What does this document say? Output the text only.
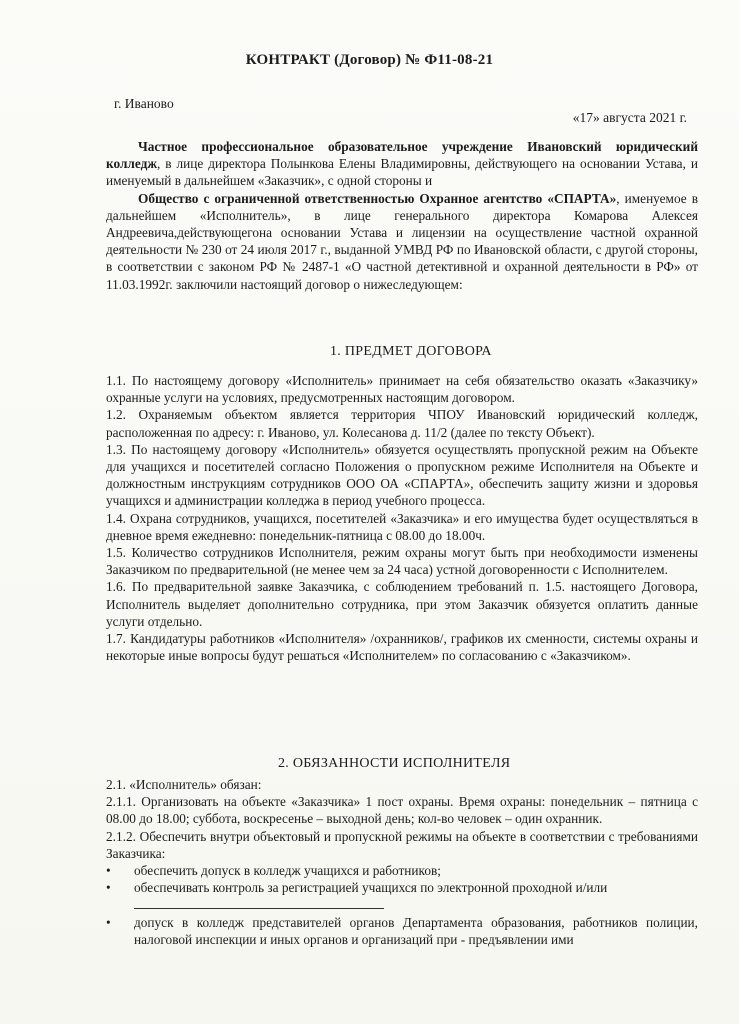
КОНТРАКТ (Договор) № Ф11-08-21
г. Иваново
«17» августа 2021 г.

Частное профессиональное образовательное учреждение Ивановский юридический колледж, в лице директора Полынкова Елены Владимировны, действующего на основании Устава, и именуемый в дальнейшем «Заказчик», с одной стороны и

Общество с ограниченной ответственностью Охранное агентство «СПАРТА», именуемое в дальнейшем «Исполнитель», в лице генерального директора Комарова Алексея Андреевича,действующегона основании Устава и лицензии на осуществление частной охранной деятельности № 230 от 24 июля 2017 г., выданной УМВД РФ по Ивановской области, с другой стороны, в соответствии с законом РФ № 2487-1 «О частной детективной и охранной деятельности в РФ» от 11.03.1992г. заключили настоящий договор о нижеследующем:

1. ПРЕДМЕТ ДОГОВОРА

1.1. По настоящему договору «Исполнитель» принимает на себя обязательство оказать «Заказчику» охранные услуги на условиях, предусмотренных настоящим договором.

1.2. Охраняемым объектом является территория ЧПОУ Ивановский юридический колледж, расположенная по адресу: г. Иваново, ул. Колесанова д. 11/2 (далее по тексту Объект).

1.3. По настоящему договору «Исполнитель» обязуется осуществлять пропускной режим на Объекте для учащихся и посетителей согласно Положения о пропускном режиме Исполнителя на Объекте и должностным инструкциям сотрудников ООО ОА «СПАРТА», обеспечить защиту жизни и здоровья учащихся и администрации колледжа в период учебного процесса.

1.4. Охрана сотрудников, учащихся, посетителей «Заказчика» и его имущества будет осуществляться в дневное время ежедневно: понедельник-пятница с 08.00 до 18.00ч.

1.5. Количество сотрудников Исполнителя, режим охраны могут быть при необходимости изменены Заказчиком по предварительной (не менее чем за 24 часа) устной договоренности с Исполнителем.

1.6. По предварительной заявке Заказчика, с соблюдением требований п. 1.5. настоящего Договора, Исполнитель выделяет дополнительно сотрудника, при этом Заказчик обязуется оплатить данные услуги отдельно.

1.7. Кандидатуры работников «Исполнителя» /охранников/, графиков их сменности, системы охраны и некоторые иные вопросы будут решаться «Исполнителем» по согласованию с «Заказчиком».

2. ОБЯЗАННОСТИ ИСПОЛНИТЕЛЯ

2.1. «Исполнитель» обязан:

2.1.1. Организовать на объекте «Заказчика» 1 пост охраны. Время охраны: понедельник – пятница с 08.00 до 18.00; суббота, воскресенье – выходной день; кол-во человек – один охранник.

2.1.2. Обеспечить внутри объектовый и пропускной режимы на объекте в соответствии с требованиями Заказчика:

• обеспечить допуск в колледж учащихся и работников;
• обеспечивать контроль за регистрацией учащихся по электронной проходной и/или

• допуск в колледж представителей органов Департамента образования, работников полиции, налоговой инспекции и иных органов и организаций при - предъявлении ими
